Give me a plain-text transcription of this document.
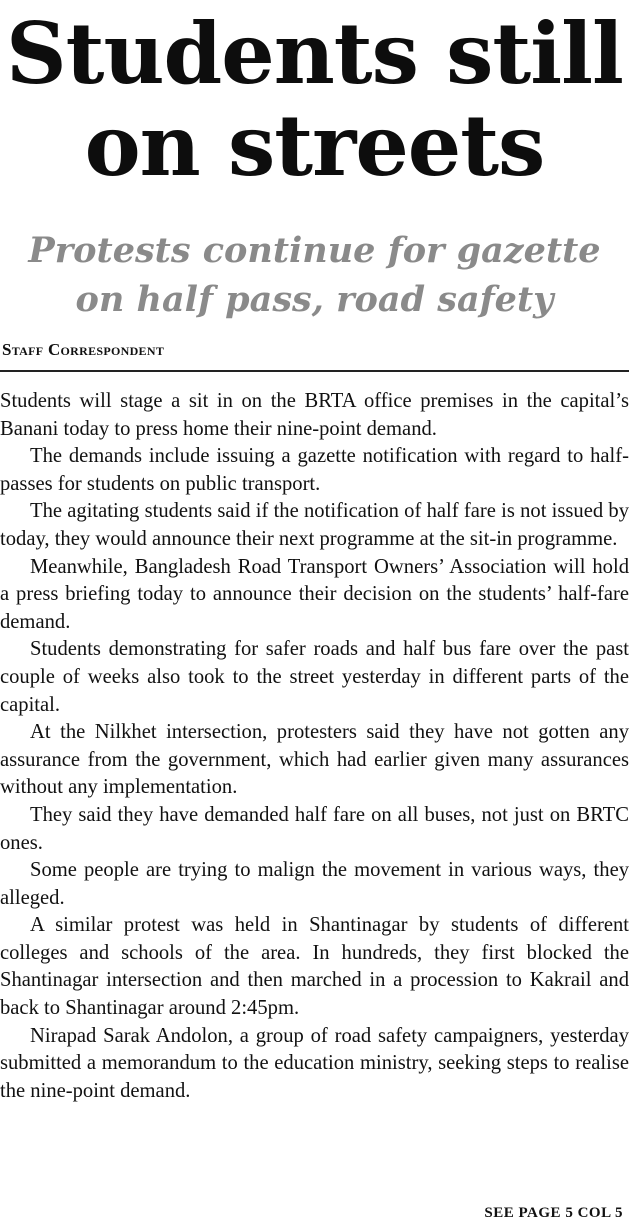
Students still
on streets
Protests continue for gazette
on half pass, road safety
Staff Correspondent

Students will stage a sit in on the BRTA office premises in the capital’s Banani today to press home their nine-point demand.

The demands include issuing a gazette notification with regard to half-passes for students on public transport.

The agitating students said if the notification of half fare is not issued by today, they would announce their next programme at the sit-in programme.

Meanwhile, Bangladesh Road Transport Owners’ Association will hold a press briefing today to announce their decision on the students’ half-fare demand.

Students demonstrating for safer roads and half bus fare over the past couple of weeks also took to the street yesterday in different parts of the capital.

At the Nilkhet intersection, protesters said they have not gotten any assurance from the government, which had earlier given many assurances without any implementation.

They said they have demanded half fare on all buses, not just on BRTC ones.

Some people are trying to malign the movement in various ways, they alleged.

A similar protest was held in Shantinagar by students of different colleges and schools of the area. In hundreds, they first blocked the Shantinagar intersection and then marched in a procession to Kakrail and back to Shantinagar around 2:45pm.

Nirapad Sarak Andolon, a group of road safety campaigners, yesterday submitted a memorandum to the education ministry, seeking steps to realise the nine-point demand.

SEE PAGE 5 COL 5
